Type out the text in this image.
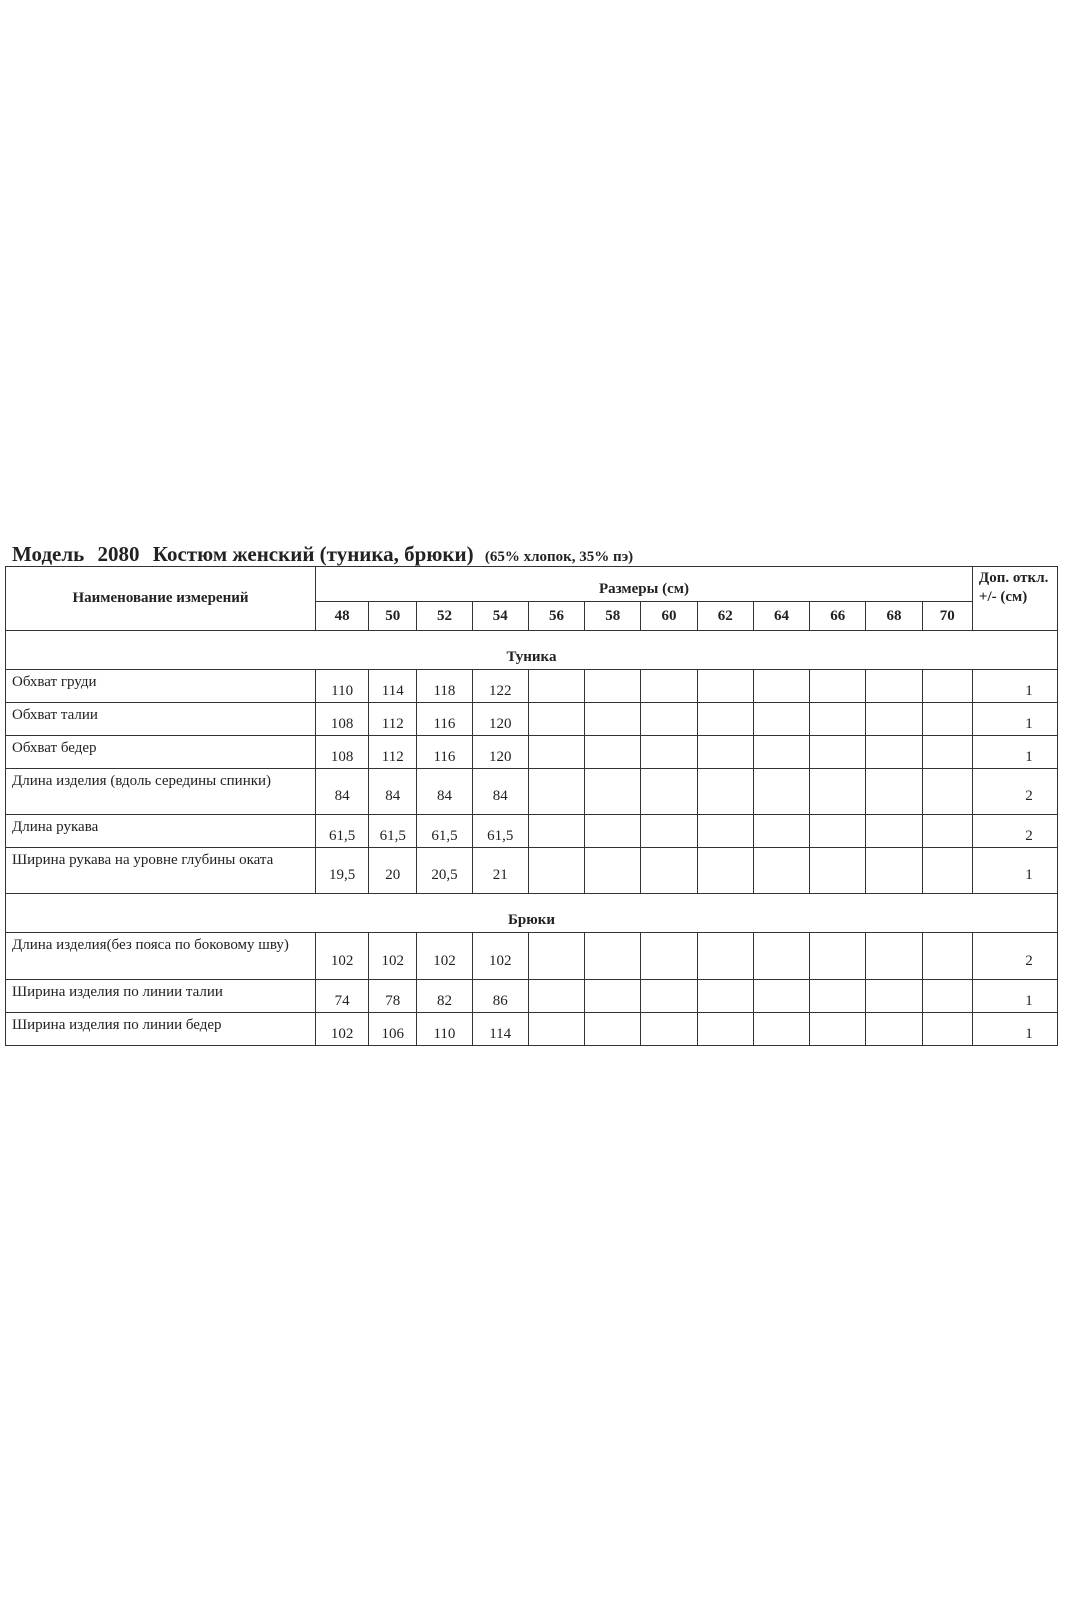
Модель 2080 Костюм женский (туника, брюки) (65% хлопок, 35% пэ)
Наименование измерений	Размеры (см)												Доп. откл. +/- (см)
	48	50	52	54	56	58	60	62	64	66	68	70	
Туника													
Обхват груди	110	114	118	122									1
Обхват талии	108	112	116	120									1
Обхват бедер	108	112	116	120									1
Длина изделия (вдоль середины спинки)	84	84	84	84									2
Длина рукава	61,5	61,5	61,5	61,5									2
Ширина рукава на уровне глубины оката	19,5	20	20,5	21									1
Брюки													
Длина изделия(без пояса по боковому шву)	102	102	102	102									2
Ширина изделия по линии талии	74	78	82	86									1
Ширина изделия по линии бедер	102	106	110	114									1
